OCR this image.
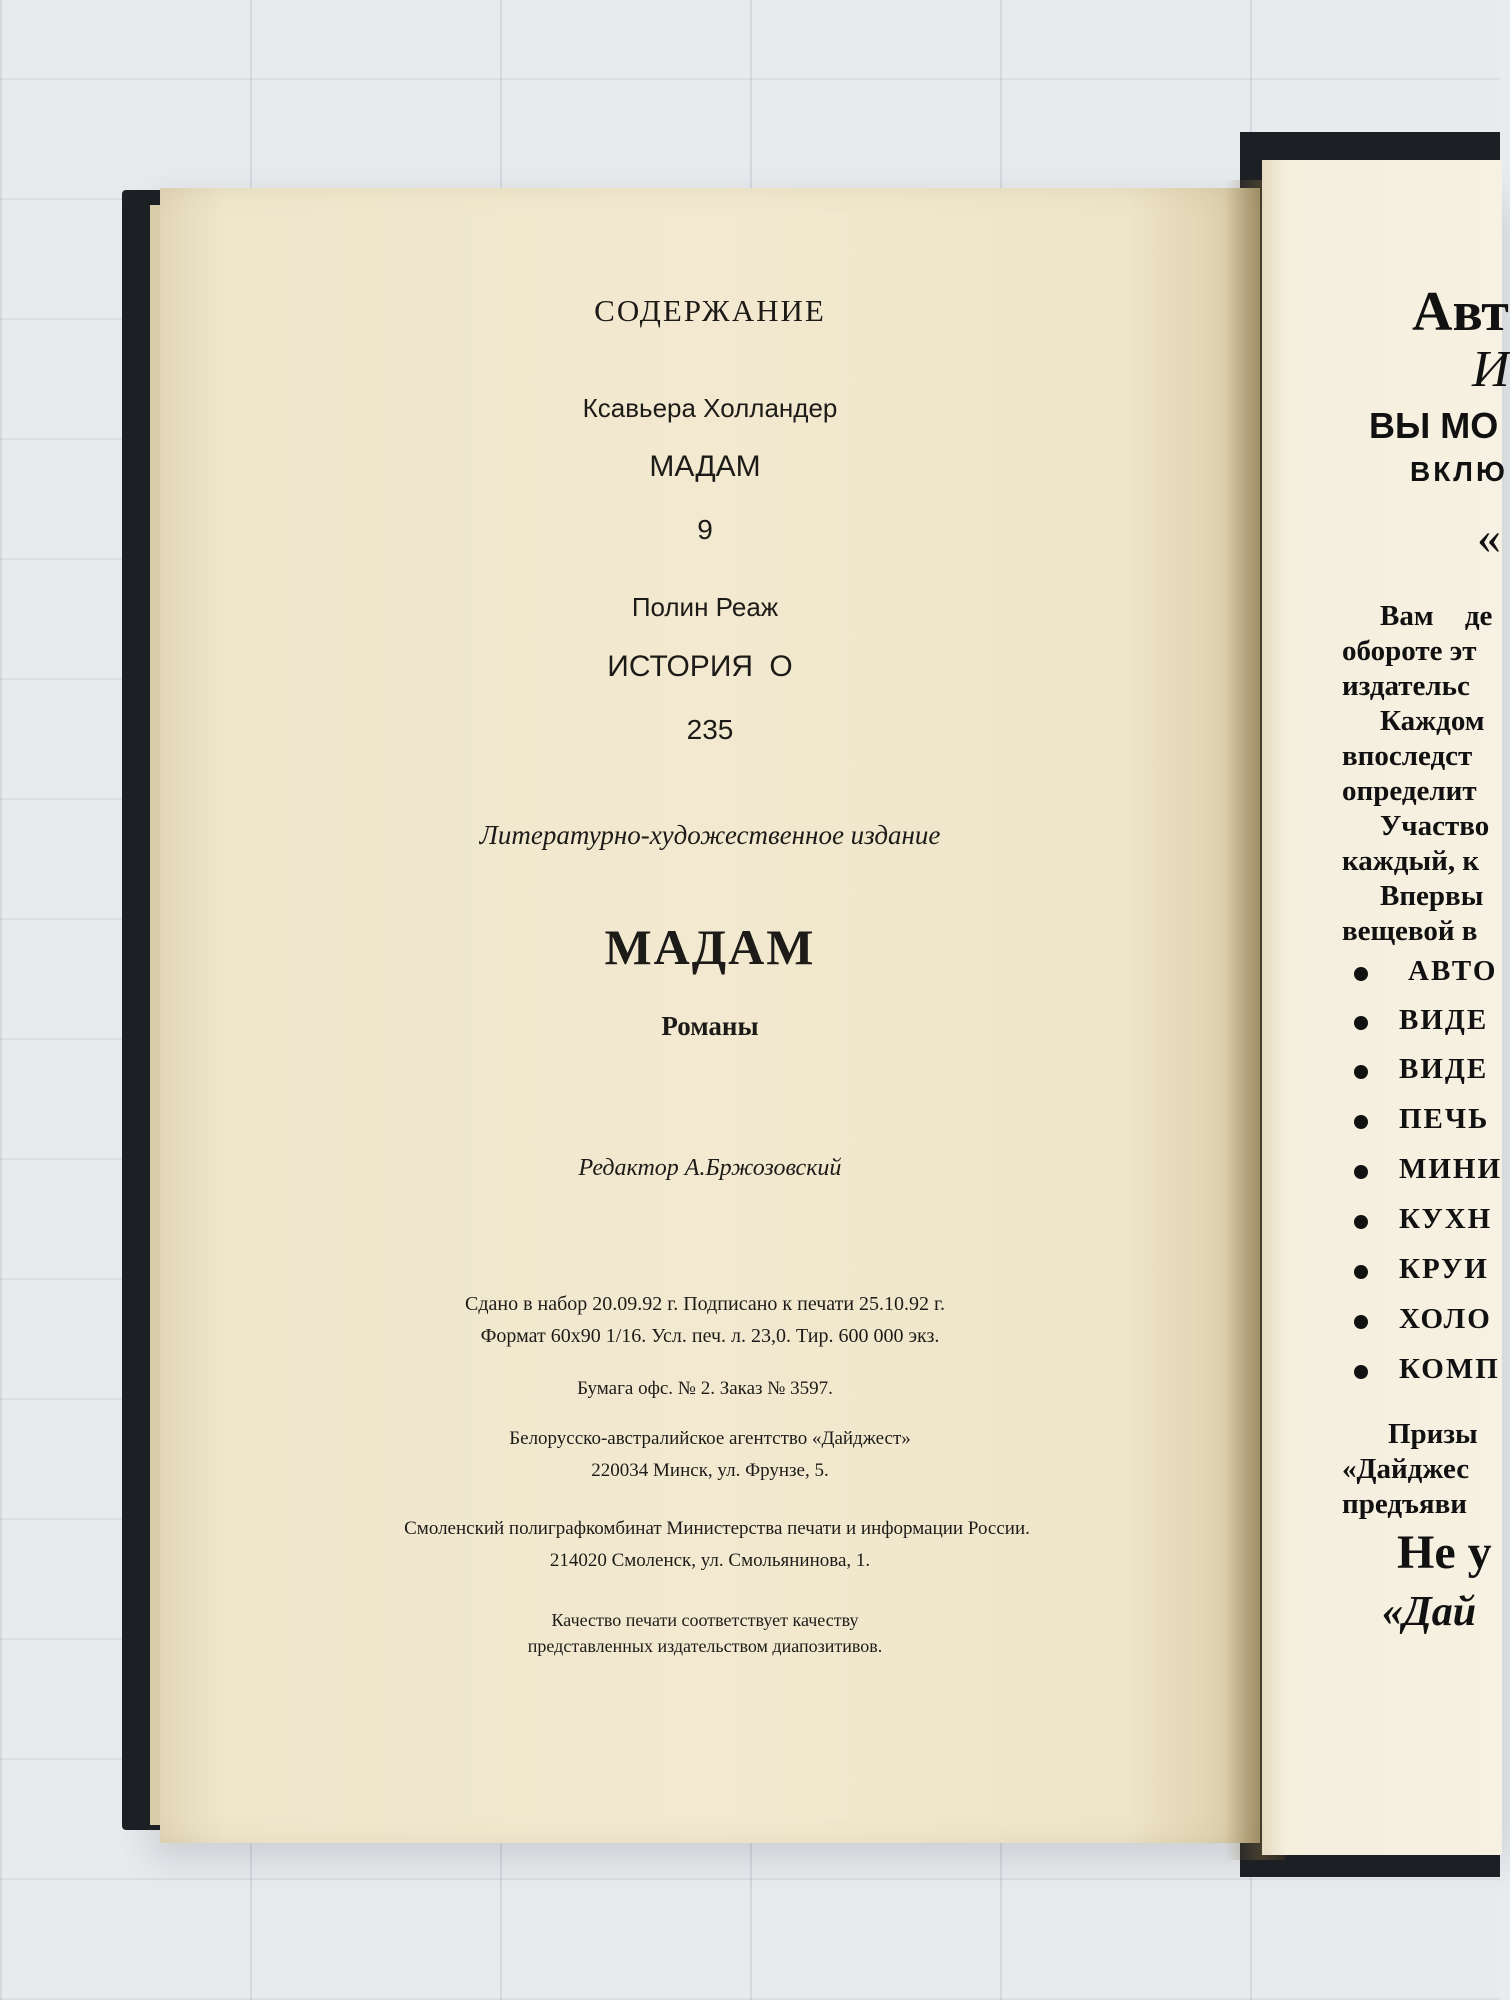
СОДЕРЖАНИЕ
Ксавьера Холландер
МАДАМ
9
Полин Реаж
ИСТОРИЯ О
235
Литературно-художественное издание
МАДАМ
Романы
Редактор А.Бржозовский
Сдано в набор 20.09.92 г. Подписано к печати 25.10.92 г.
Формат 60х90 1/16. Усл. печ. л. 23,0. Тир. 600 000 экз.
Бумага офс. № 2. Заказ № 3597.
Белорусско-австралийское агентство «Дайджест»
220034 Минск, ул. Фрунзе, 5.
Смоленский полиграфкомбинат Министерства печати и информации России.
214020 Смоленск, ул. Смольянинова, 1.
Качество печати соответствует качеству
представленных издательством диапозитивов.
Авт
И
ВЫ МО
ВКЛЮ
«
Вам де
обороте эт
издательс
Каждом
впоследст
определит
Участво
каждый, к
Впервы
вещевой в
АВТО
ВИДЕ
ВИДЕ
ПЕЧЬ
МИНИ
КУХН
КРУИ
ХОЛО
КОМП
Призы
«Дайджес
предъяви
Не у
«Дай
